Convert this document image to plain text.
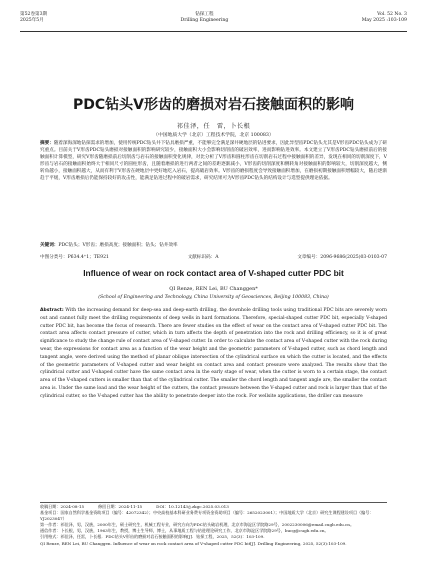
第52卷第3期
2025年5月
钻探工程
Drilling Engineering
Vol. 52 No. 3
May 2025 :103-109
PDC钻头V形齿的磨损对岩石接触面积的影响
祁佳泽，任　雷，卜长根
（中国地质大学（北京）工程技术学院，北京 100083）
摘要：随着深海深地钻探需求的增加，使用传统PDC钻头井下钻具磨损严重，不能够完全满足深井硬地层的钻进要求，因此异型齿PDC钻头尤其是V形齿PDC钻头成为了研究重点。目前关于V形齿PDC钻头磨损对接触面积的影响研究较少，接触面积大小会影响切削齿的破岩效率，进而影响钻进效率。本文建立了V形齿PDC钻头磨损前后的接触面积计算模型，研究V形齿随磨损前后切削齿与岩石的接触面积变化规律，对比分析了V形齿和圆柱形齿在切削岩石过程中接触面积的差异，发现在相同的切削深度下，V形齿与岩石的接触面积始终大于相同尺寸的圆柱形齿，且随着磨损的进行两者之间的差距逐渐减小，V形齿的切削深度和侧转角对接触面积的影响较大，切削深度越大，侧转角越小，接触面积越大，从而有利于V形齿在硬地层中更好地吃入岩石，提高破岩效率。V形齿的磨损程度会导致接触面积增加，在磨损初期接触面积增幅较大，随后逐渐趋于平缓，V形齿磨损后仍能保持较好的攻击性，能满足钻进过程中的破岩需求，研究结果可为V形齿PDC钻头的结构设计与选型提供理论依据。
关键词：PDC钻头；V形齿；磨损高度；接触面积；钻头；钻井效率
中图分类号：P634.4⁺1；TE921	文献标识码：A	文章编号：2096-9686(2025)03-0103-07
Influence of wear on rock contact area of V-shaped cutter PDC bit
QI Renze, REN Lei, BU Changgen*
(School of Engineering and Technology, China University of Geosciences, Beijing 100083, China)
Abstract: With the increasing demand for deep-sea and deep-earth drilling, the downhole drilling tools using traditional PDC bits are severely worn out and cannot fully meet the drilling requirements of deep wells in hard formations. Therefore, special-shaped cutter PDC bit, especially V-shaped cutter PDC bit, has become the focus of research. There are fewer studies on the effect of wear on the contact area of V-shaped cutter PDC bit. The contact area affects contact pressure of cutter, which in turn affects the depth of penetration into the rock and drilling efficiency, so it is of great significance to study the change rule of contact area of V-shaped cutter. In order to calculate the contact area of V-shaped cutter with the rock during wear, the expressions for contact area as a function of the wear height and the geometric parameters of V-shaped cutter, such as chord length and tangent angle, were derived using the method of planar oblique intersection of the cylindrical surface on which the cutter is located, and the effects of the geometric parameters of V-shaped cutter and wear height on contact area and contact pressure were analyzed. The results show that the cylindrical cutter and V-shaped cutter have the same contact area in the early stage of wear, when the cutter is worn to a certain stage, the contact area of the V-shaped cutters is smaller than that of the cylindrical cutter. The smaller the chord length and tangent angle are, the smaller the contact area is. Under the same load and the wear height of the cutters, the contact pressure between the V-shaped cutter and rock is larger than that of the cylindrical cutter, so the V-shaped cutter has the ability to penetrate deeper into the rock. For wellsite applications, the driller can measure
收稿日期：2024-08-15	修回日期：2024-11-15	DOI：10.12143/j.zkgc.2025.03.013

基金项目：国家自然科学基金资助项目（编号：42072342）；中央高校基本科研业务费专项资金资助项目（编号：2652023001）；中国地质大学（北京）研究生课程建设项目（编号：YJ2023047）

第一作者：祁佳泽，男，汉族，2000年生，硕士研究生，机械工程专业，研究方向为PDC钻头破岩机理，北京市海淀区学院路29号，2002230006@email.cugb.edu.cn。

通信作者：卜长根，男，汉族，1963年生，教授，博士生导师，博士，从事地质工程与钻进理论研究工作，北京市海淀区学院路29号，bucg@cugb.edu.cn。

引用格式：祁佳泽，任雷，卜长根．PDC钻头V形齿的磨损对岩石接触面积的影响[J]．钻探工程，2025，52(3)：103-109．

QI Renze, REN Lei, BU Changgen. Influence of wear on rock contact area of V-shaped cutter PDC bit[J]. Drilling Engineering, 2025, 52(3):103-109.
